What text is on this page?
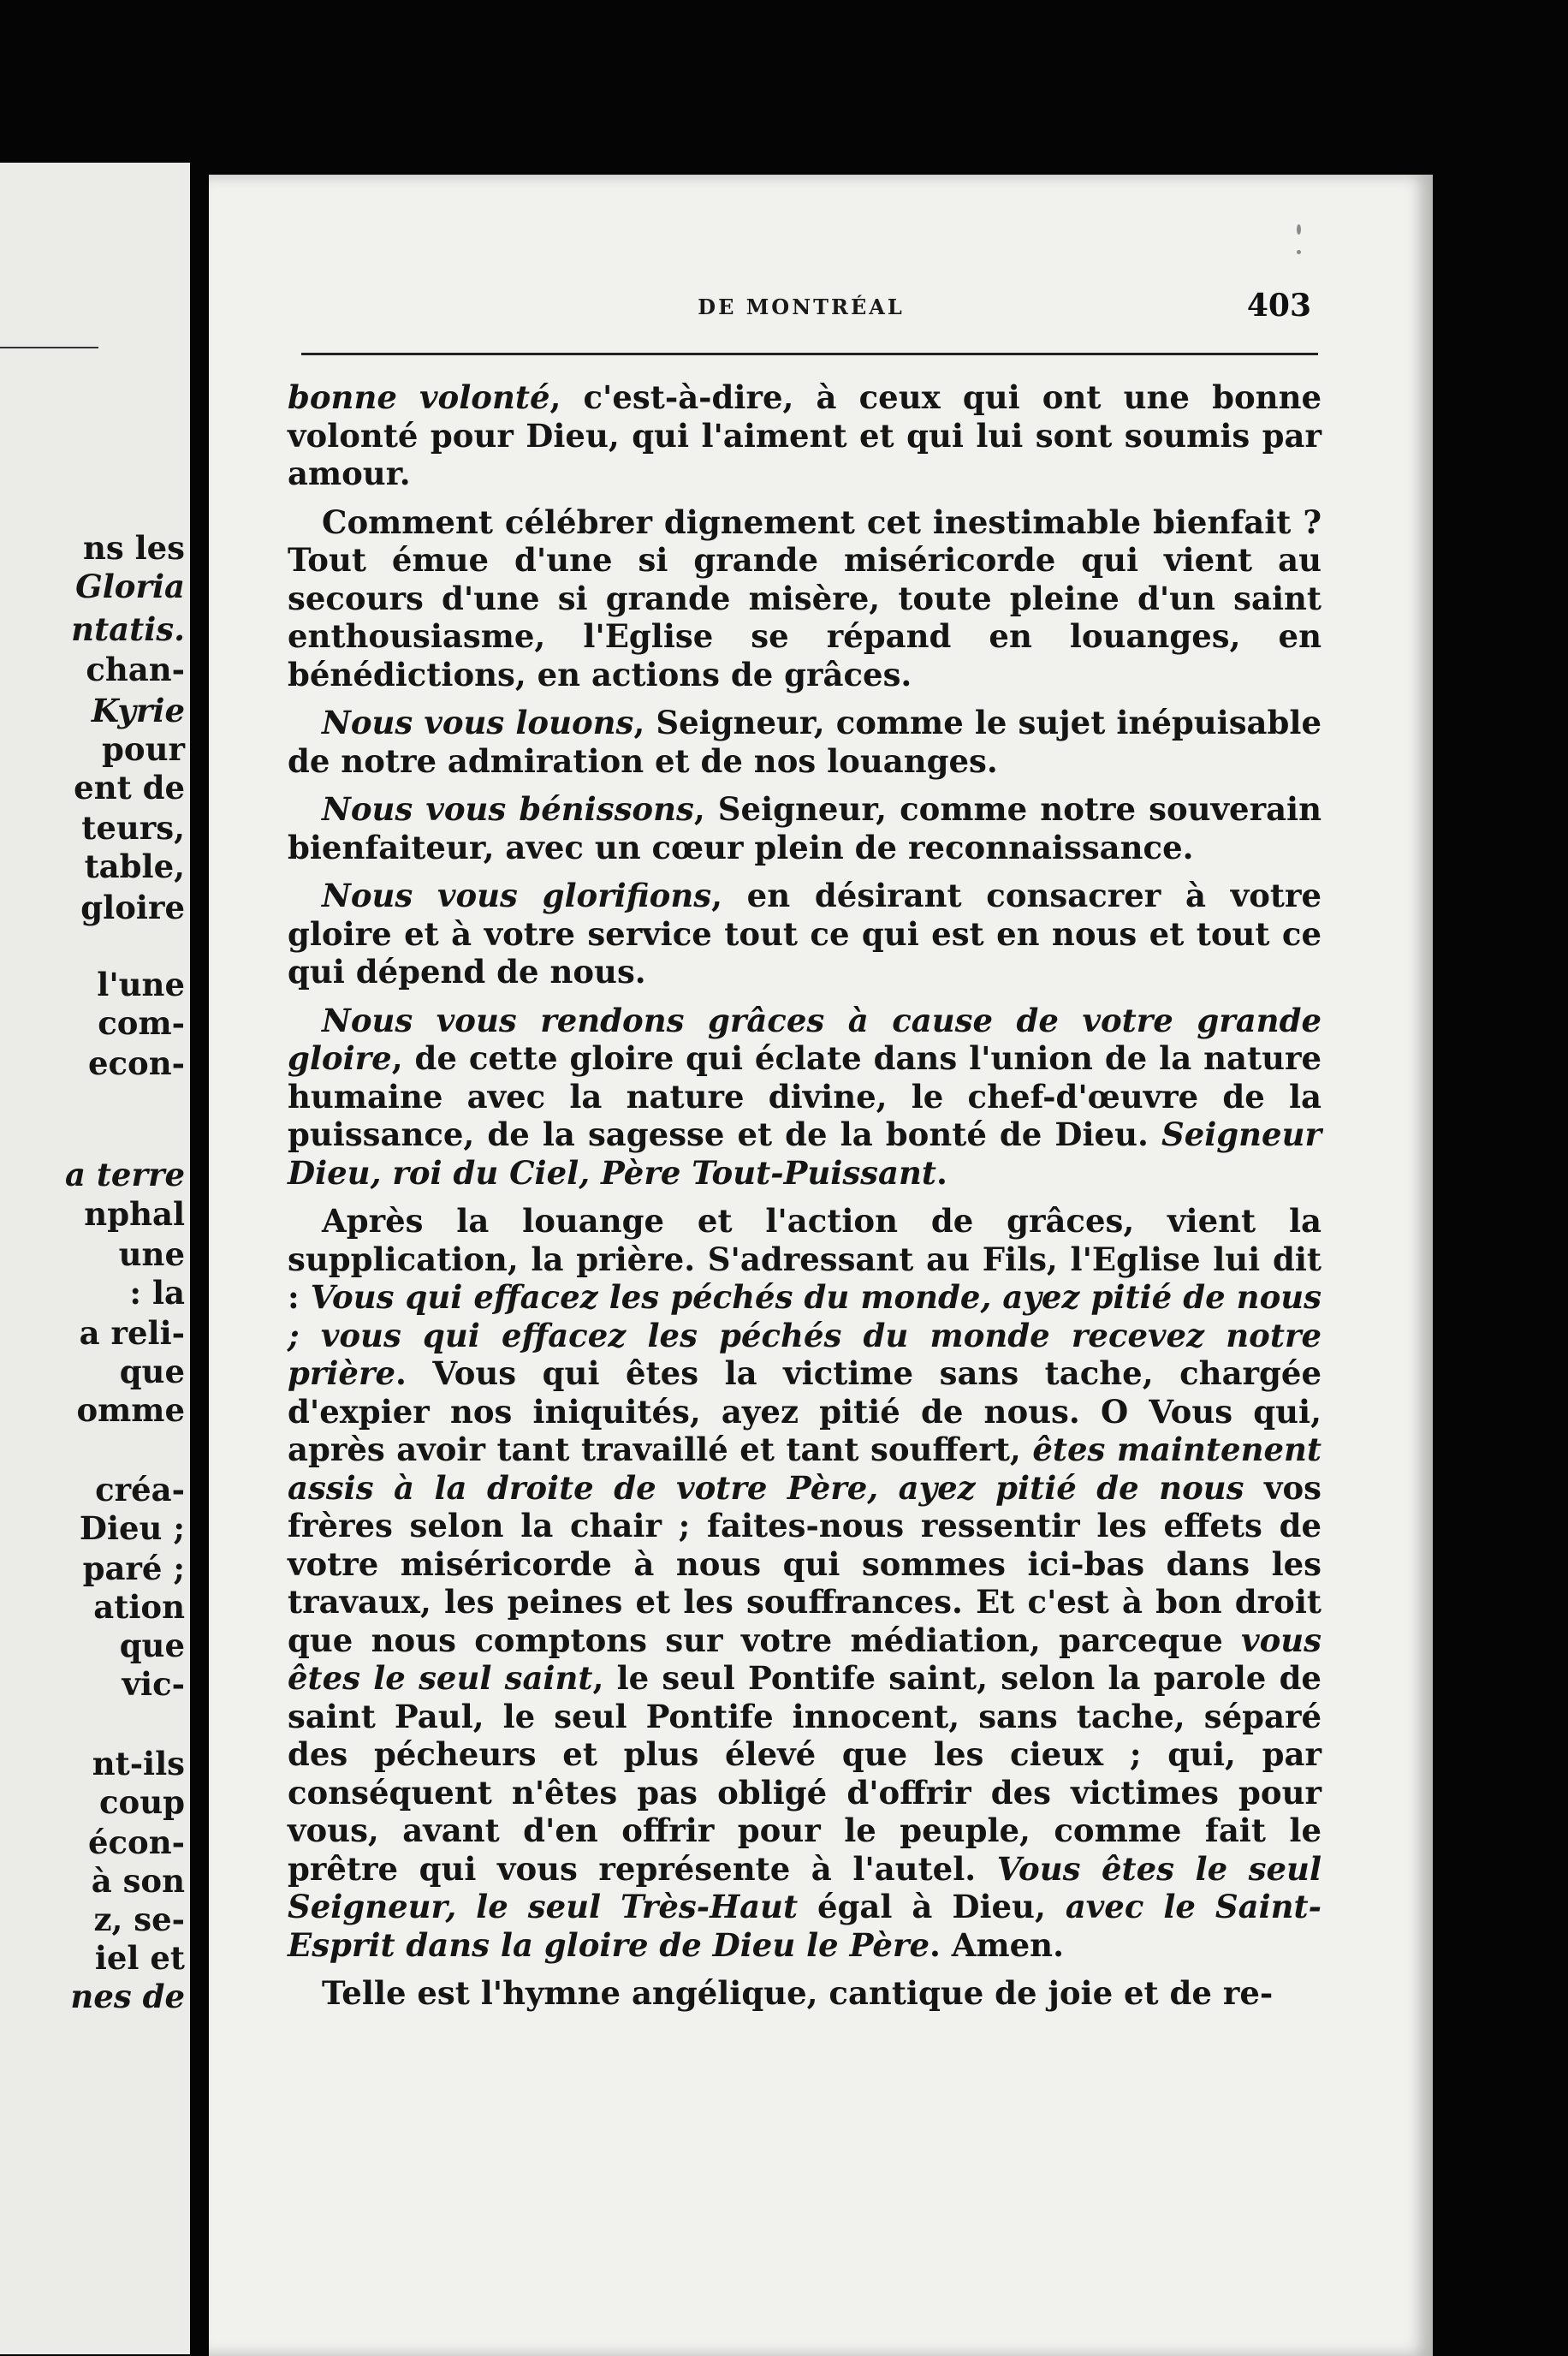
ns les
Gloria
ntatis.
chan-
Kyrie
pour
ent de
teurs,
table,
gloire
l'une
com-
econ-
a terre
nphal
une
: la
a reli-
que
omme
créa-
Dieu ;
paré ;
ation
que
vic-
nt-ils
coup
écon-
à son
z, se-
iel et
nes de
DE MONTRÉAL	403

bonne volonté, c'est-à-dire, à ceux qui ont une bonne volonté pour Dieu, qui l'aiment et qui lui sont soumis par amour.

Comment célébrer dignement cet inestimable bienfait ? Tout émue d'une si grande miséricorde qui vient au secours d'une si grande misère, toute pleine d'un saint enthousiasme, l'Eglise se répand en louanges, en bénédictions, en actions de grâces.

Nous vous louons, Seigneur, comme le sujet inépuisable de notre admiration et de nos louanges.

Nous vous bénissons, Seigneur, comme notre souverain bienfaiteur, avec un cœur plein de reconnaissance.

Nous vous glorifions, en désirant consacrer à votre gloire et à votre service tout ce qui est en nous et tout ce qui dépend de nous.

Nous vous rendons grâces à cause de votre grande gloire, de cette gloire qui éclate dans l'union de la nature humaine avec la nature divine, le chef-d'œuvre de la puissance, de la sagesse et de la bonté de Dieu. Seigneur Dieu, roi du Ciel, Père Tout-Puissant.

Après la louange et l'action de grâces, vient la supplication, la prière. S'adressant au Fils, l'Eglise lui dit : Vous qui effacez les péchés du monde, ayez pitié de nous ; vous qui effacez les péchés du monde recevez notre prière. Vous qui êtes la victime sans tache, chargée d'expier nos iniquités, ayez pitié de nous. O Vous qui, après avoir tant travaillé et tant souffert, êtes maintenent assis à la droite de votre Père, ayez pitié de nous vos frères selon la chair ; faites-nous ressentir les effets de votre miséricorde à nous qui sommes ici-bas dans les travaux, les peines et les souffrances. Et c'est à bon droit que nous comptons sur votre médiation, parceque vous êtes le seul saint, le seul Pontife saint, selon la parole de saint Paul, le seul Pontife innocent, sans tache, séparé des pécheurs et plus élevé que les cieux ; qui, par conséquent n'êtes pas obligé d'offrir des victimes pour vous, avant d'en offrir pour le peuple, comme fait le prêtre qui vous représente à l'autel. Vous êtes le seul Seigneur, le seul Très-Haut égal à Dieu, avec le Saint-Esprit dans la gloire de Dieu le Père. Amen.

Telle est l'hymne angélique, cantique de joie et de re-
